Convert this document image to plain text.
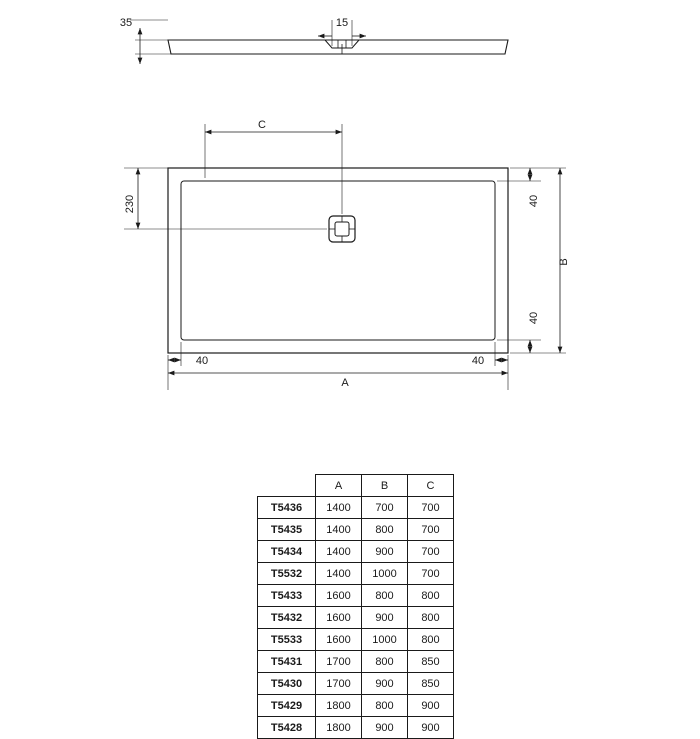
35	15
C
230
A
B
40
40
40	40
	A	B	C
T5436	1400	700	700
T5435	1400	800	700
T5434	1400	900	700
T5532	1400	1000	700
T5433	1600	800	800
T5432	1600	900	800
T5533	1600	1000	800
T5431	1700	800	850
T5430	1700	900	850
T5429	1800	800	900
T5428	1800	900	900
